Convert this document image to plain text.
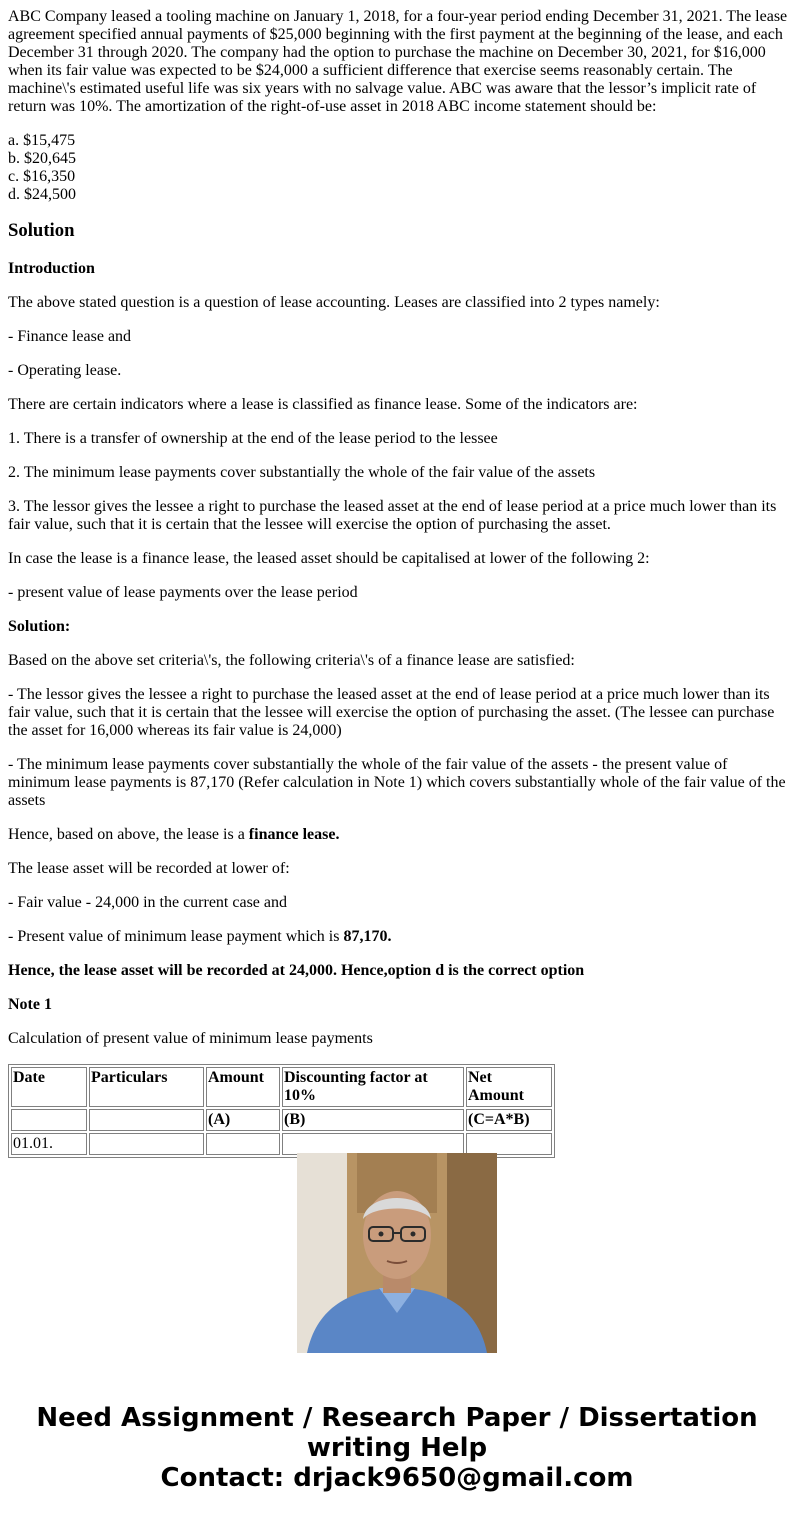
ABC Company leased a tooling machine on January 1, 2018, for a four-year period ending December 31, 2021. The lease agreement specified annual payments of $25,000 beginning with the first payment at the beginning of the lease, and each December 31 through 2020. The company had the option to purchase the machine on December 30, 2021, for $16,000 when its fair value was expected to be $24,000 a sufficient difference that exercise seems reasonably certain. The machine\'s estimated useful life was six years with no salvage value. ABC was aware that the lessor’s implicit rate of return was 10%. The amortization of the right-of-use asset in 2018 ABC income statement should be:

a. $15,475
b. $20,645
c. $16,350
d. $24,500
Solution

Introduction

The above stated question is a question of lease accounting. Leases are classified into 2 types namely:

- Finance lease and

- Operating lease.

There are certain indicators where a lease is classified as finance lease. Some of the indicators are:

1. There is a transfer of ownership at the end of the lease period to the lessee

2. The minimum lease payments cover substantially the whole of the fair value of the assets

3. The lessor gives the lessee a right to purchase the leased asset at the end of lease period at a price much lower than its fair value, such that it is certain that the lessee will exercise the option of purchasing the asset.

In case the lease is a finance lease, the leased asset should be capitalised at lower of the following 2:

- present value of lease payments over the lease period

Solution:

Based on the above set criteria\'s, the following criteria\'s of a finance lease are satisfied:

- The lessor gives the lessee a right to purchase the leased asset at the end of lease period at a price much lower than its fair value, such that it is certain that the lessee will exercise the option of purchasing the asset. (The lessee can purchase the asset for 16,000 whereas its fair value is 24,000)

- The minimum lease payments cover substantially the whole of the fair value of the assets - the present value of minimum lease payments is 87,170 (Refer calculation in Note 1) which covers substantially whole of the fair value of the assets

Hence, based on above, the lease is a finance lease.

The lease asset will be recorded at lower of:

- Fair value - 24,000 in the current case and

- Present value of minimum lease payment which is 87,170.

Hence, the lease asset will be recorded at 24,000. Hence,option d is the correct option

Note 1

Calculation of present value of minimum lease payments

Date	Particulars	Amount	Discounting factor at 10%	Net Amount
		(A)	(B)	(C=A*B)
01.01.				
Need Assignment / Research Paper / Dissertation
writing Help
Contact: drjack9650@gmail.com
